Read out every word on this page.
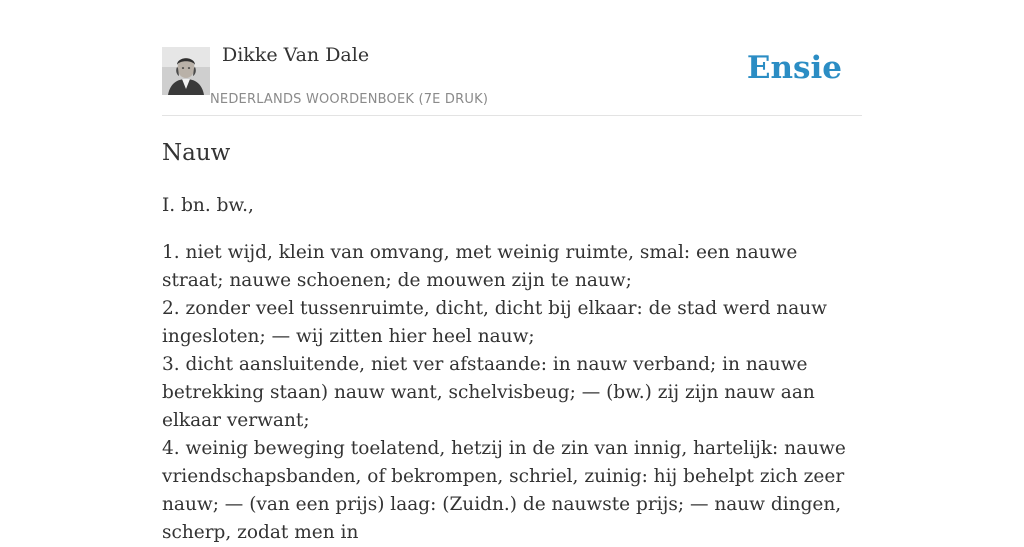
Dikke Van Dale
NEDERLANDS WOORDENBOEK (7E DRUK)
Ensie
Nauw

I. bn. bw.,

1. niet wijd, klein van omvang, met weinig ruimte, smal: een nauwe straat; nauwe schoenen; de mouwen zijn te nauw;
2. zonder veel tussenruimte, dicht, dicht bij elkaar: de stad werd nauw ingesloten; — wij zitten hier heel nauw;
3. dicht aansluitende, niet ver afstaande: in nauw verband; in nauwe betrekking staan) nauw want, schelvisbeug; — (bw.) zij zijn nauw aan elkaar verwant;
4. weinig beweging toelatend, hetzij in de zin van innig, hartelijk: nauwe vriendschapsbanden, of bekrompen, schriel, zuinig: hij behelpt zich zeer nauw; — (van een prijs) laag: (Zuidn.) de nauwste prijs; — nauw dingen, scherp, zodat men in
